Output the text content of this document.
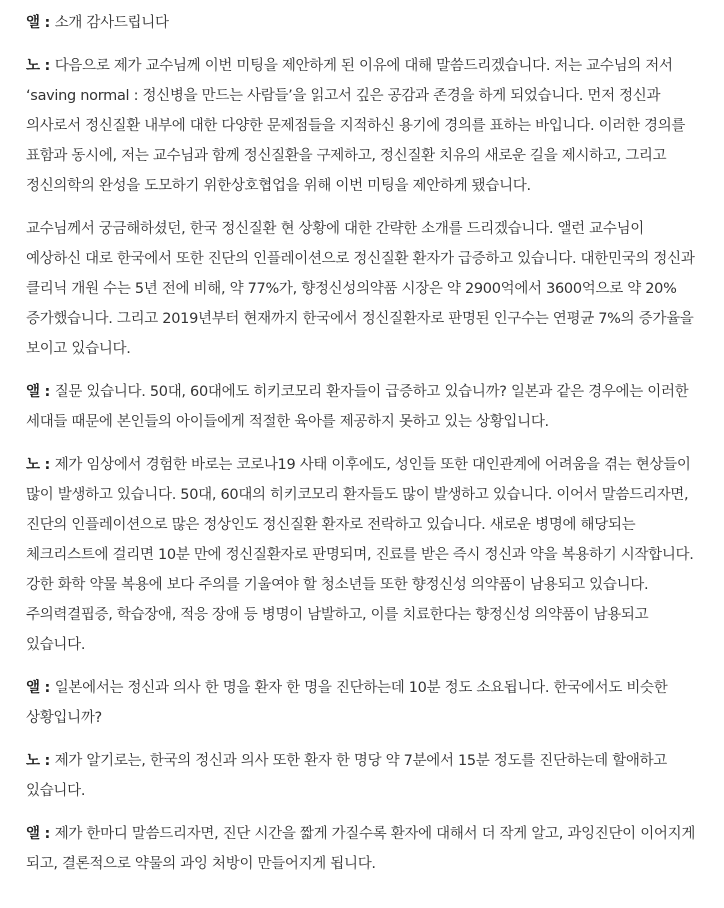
앨 : 소개 감사드립니다

노 : 다음으로 제가 교수님께 이번 미팅을 제안하게 된 이유에 대해 말씀드리겠습니다. 저는 교수님의 저서 ‘saving normal : 정신병을 만드는 사람들’을 읽고서 깊은 공감과 존경을 하게 되었습니다. 먼저 정신과 의사로서 정신질환 내부에 대한 다양한 문제점들을 지적하신 용기에 경의를 표하는 바입니다. 이러한 경의를 표함과 동시에, 저는 교수님과 함께 정신질환을 구제하고, 정신질환 치유의 새로운 길을 제시하고, 그리고 정신의학의 완성을 도모하기 위한상호협업을 위해 이번 미팅을 제안하게 됐습니다.

교수님께서 궁금해하셨던, 한국 정신질환 현 상황에 대한 간략한 소개를 드리겠습니다. 앨런 교수님이 예상하신 대로 한국에서 또한 진단의 인플레이션으로 정신질환 환자가 급증하고 있습니다. 대한민국의 정신과 클리닉 개원 수는 5년 전에 비해, 약 77%가, 향정신성의약품 시장은 약 2900억에서 3600억으로 약 20% 증가했습니다. 그리고 2019년부터 현재까지 한국에서 정신질환자로 판명된 인구수는 연평균 7%의 증가율을 보이고 있습니다.

앨 : 질문 있습니다. 50대, 60대에도 히키코모리 환자들이 급증하고 있습니까? 일본과 같은 경우에는 이러한 세대들 때문에 본인들의 아이들에게 적절한 육아를 제공하지 못하고 있는 상황입니다.

노 : 제가 임상에서 경험한 바로는 코로나19 사태 이후에도, 성인들 또한 대인관계에 어려움을 겪는 현상들이 많이 발생하고 있습니다. 50대, 60대의 히키코모리 환자들도 많이 발생하고 있습니다. 이어서 말씀드리자면, 진단의 인플레이션으로 많은 정상인도 정신질환 환자로 전락하고 있습니다. 새로운 병명에 해당되는 체크리스트에 걸리면 10분 만에 정신질환자로 판명되며, 진료를 받은 즉시 정신과 약을 복용하기 시작합니다. 강한 화학 약물 복용에 보다 주의를 기울여야 할 청소년들 또한 향정신성 의약품이 남용되고 있습니다. 주의력결핍증, 학습장애, 적응 장애 등 병명이 남발하고, 이를 치료한다는 향정신성 의약품이 남용되고 있습니다.

앨 : 일본에서는 정신과 의사 한 명을 환자 한 명을 진단하는데 10분 정도 소요됩니다. 한국에서도 비슷한 상황입니까?

노 : 제가 알기로는, 한국의 정신과 의사 또한 환자 한 명당 약 7분에서 15분 정도를 진단하는데 할애하고 있습니다.

앨 : 제가 한마디 말씀드리자면, 진단 시간을 짧게 가질수록 환자에 대해서 더 작게 알고, 과잉진단이 이어지게 되고, 결론적으로 약물의 과잉 처방이 만들어지게 됩니다.
